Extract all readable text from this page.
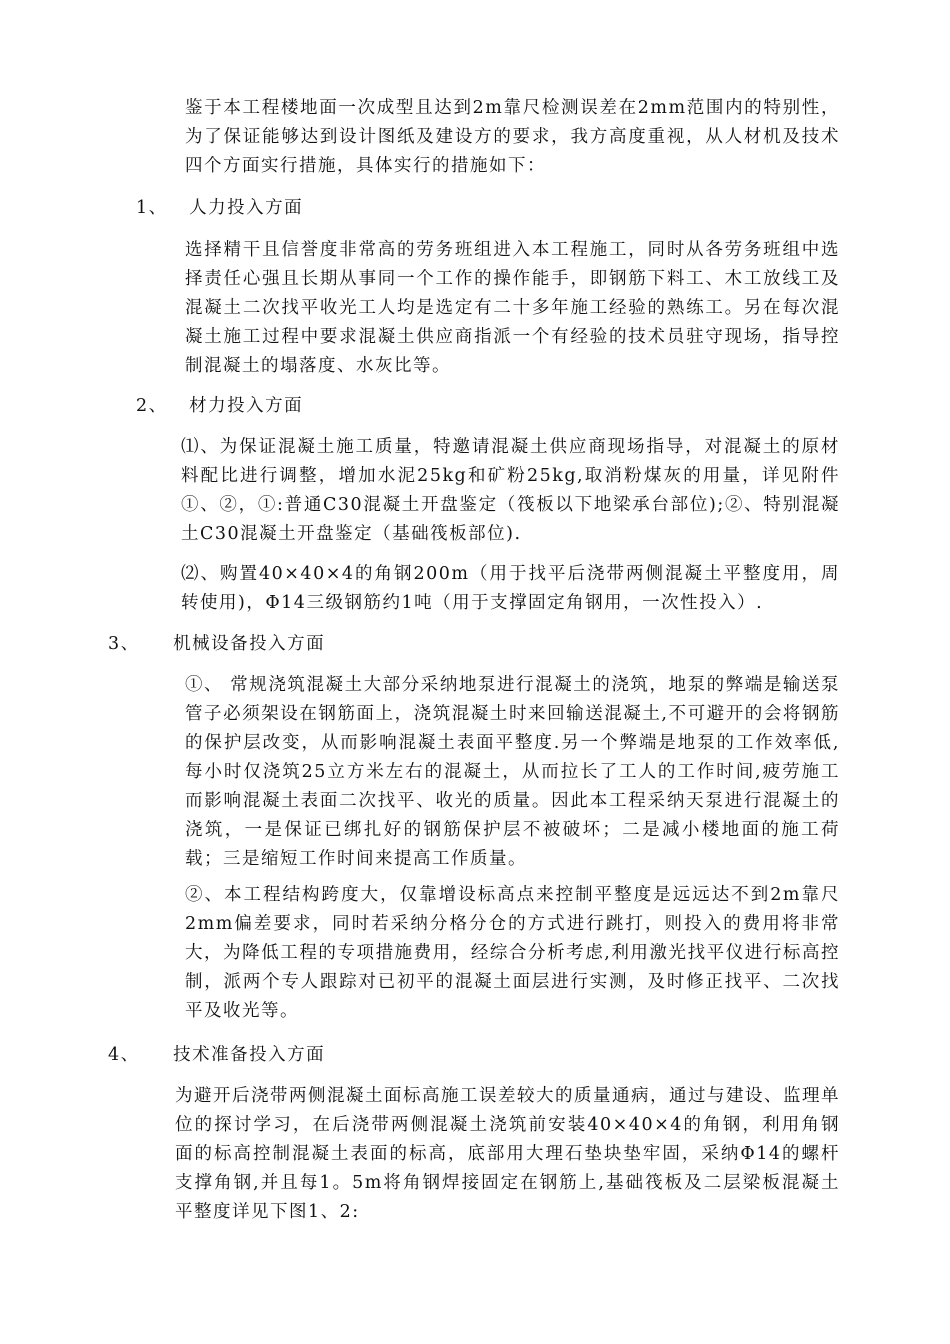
鉴于本工程楼地面一次成型且达到2m靠尺检测误差在2mm范围内的特别性，为了保证能够达到设计图纸及建设方的要求，我方高度重视，从人材机及技术四个方面实行措施，具体实行的措施如下：

1、 人力投入方面

选择精干且信誉度非常高的劳务班组进入本工程施工，同时从各劳务班组中选择责任心强且长期从事同一个工作的操作能手，即钢筋下料工、木工放线工及混凝土二次找平收光工人均是选定有二十多年施工经验的熟练工。另在每次混凝土施工过程中要求混凝土供应商指派一个有经验的技术员驻守现场，指导控制混凝土的塌落度、水灰比等。

2、 材力投入方面

⑴、为保证混凝土施工质量，特邀请混凝土供应商现场指导，对混凝土的原材料配比进行调整，增加水泥25kg和矿粉25kg,取消粉煤灰的用量，详见附件①、②，①:普通C30混凝土开盘鉴定（筏板以下地梁承台部位);②、特别混凝土C30混凝土开盘鉴定（基础筏板部位).

⑵、购置40×40×4的角钢200m（用于找平后浇带两侧混凝土平整度用，周转使用)，Φ14三级钢筋约1吨（用于支撑固定角钢用，一次性投入）.

3、 机械设备投入方面

①、 常规浇筑混凝土大部分采纳地泵进行混凝土的浇筑，地泵的弊端是输送泵管子必须架设在钢筋面上，浇筑混凝土时来回输送混凝土,不可避开的会将钢筋的保护层改变，从而影响混凝土表面平整度.另一个弊端是地泵的工作效率低,每小时仅浇筑25立方米左右的混凝土，从而拉长了工人的工作时间,疲劳施工而影响混凝土表面二次找平、收光的质量。因此本工程采纳天泵进行混凝土的浇筑，一是保证已绑扎好的钢筋保护层不被破坏；二是减小楼地面的施工荷载；三是缩短工作时间来提高工作质量。

②、本工程结构跨度大，仅靠增设标高点来控制平整度是远远达不到2m靠尺2mm偏差要求，同时若采纳分格分仓的方式进行跳打，则投入的费用将非常大，为降低工程的专项措施费用，经综合分析考虑,利用激光找平仪进行标高控制，派两个专人跟踪对已初平的混凝土面层进行实测，及时修正找平、二次找平及收光等。

4、 技术准备投入方面

为避开后浇带两侧混凝土面标高施工误差较大的质量通病，通过与建设、监理单位的探讨学习，在后浇带两侧混凝土浇筑前安装40×40×4的角钢，利用角钢面的标高控制混凝土表面的标高，底部用大理石垫块垫牢固，采纳Φ14的螺杆支撑角钢,并且每1。5m将角钢焊接固定在钢筋上,基础筏板及二层梁板混凝土平整度详见下图1、2:
